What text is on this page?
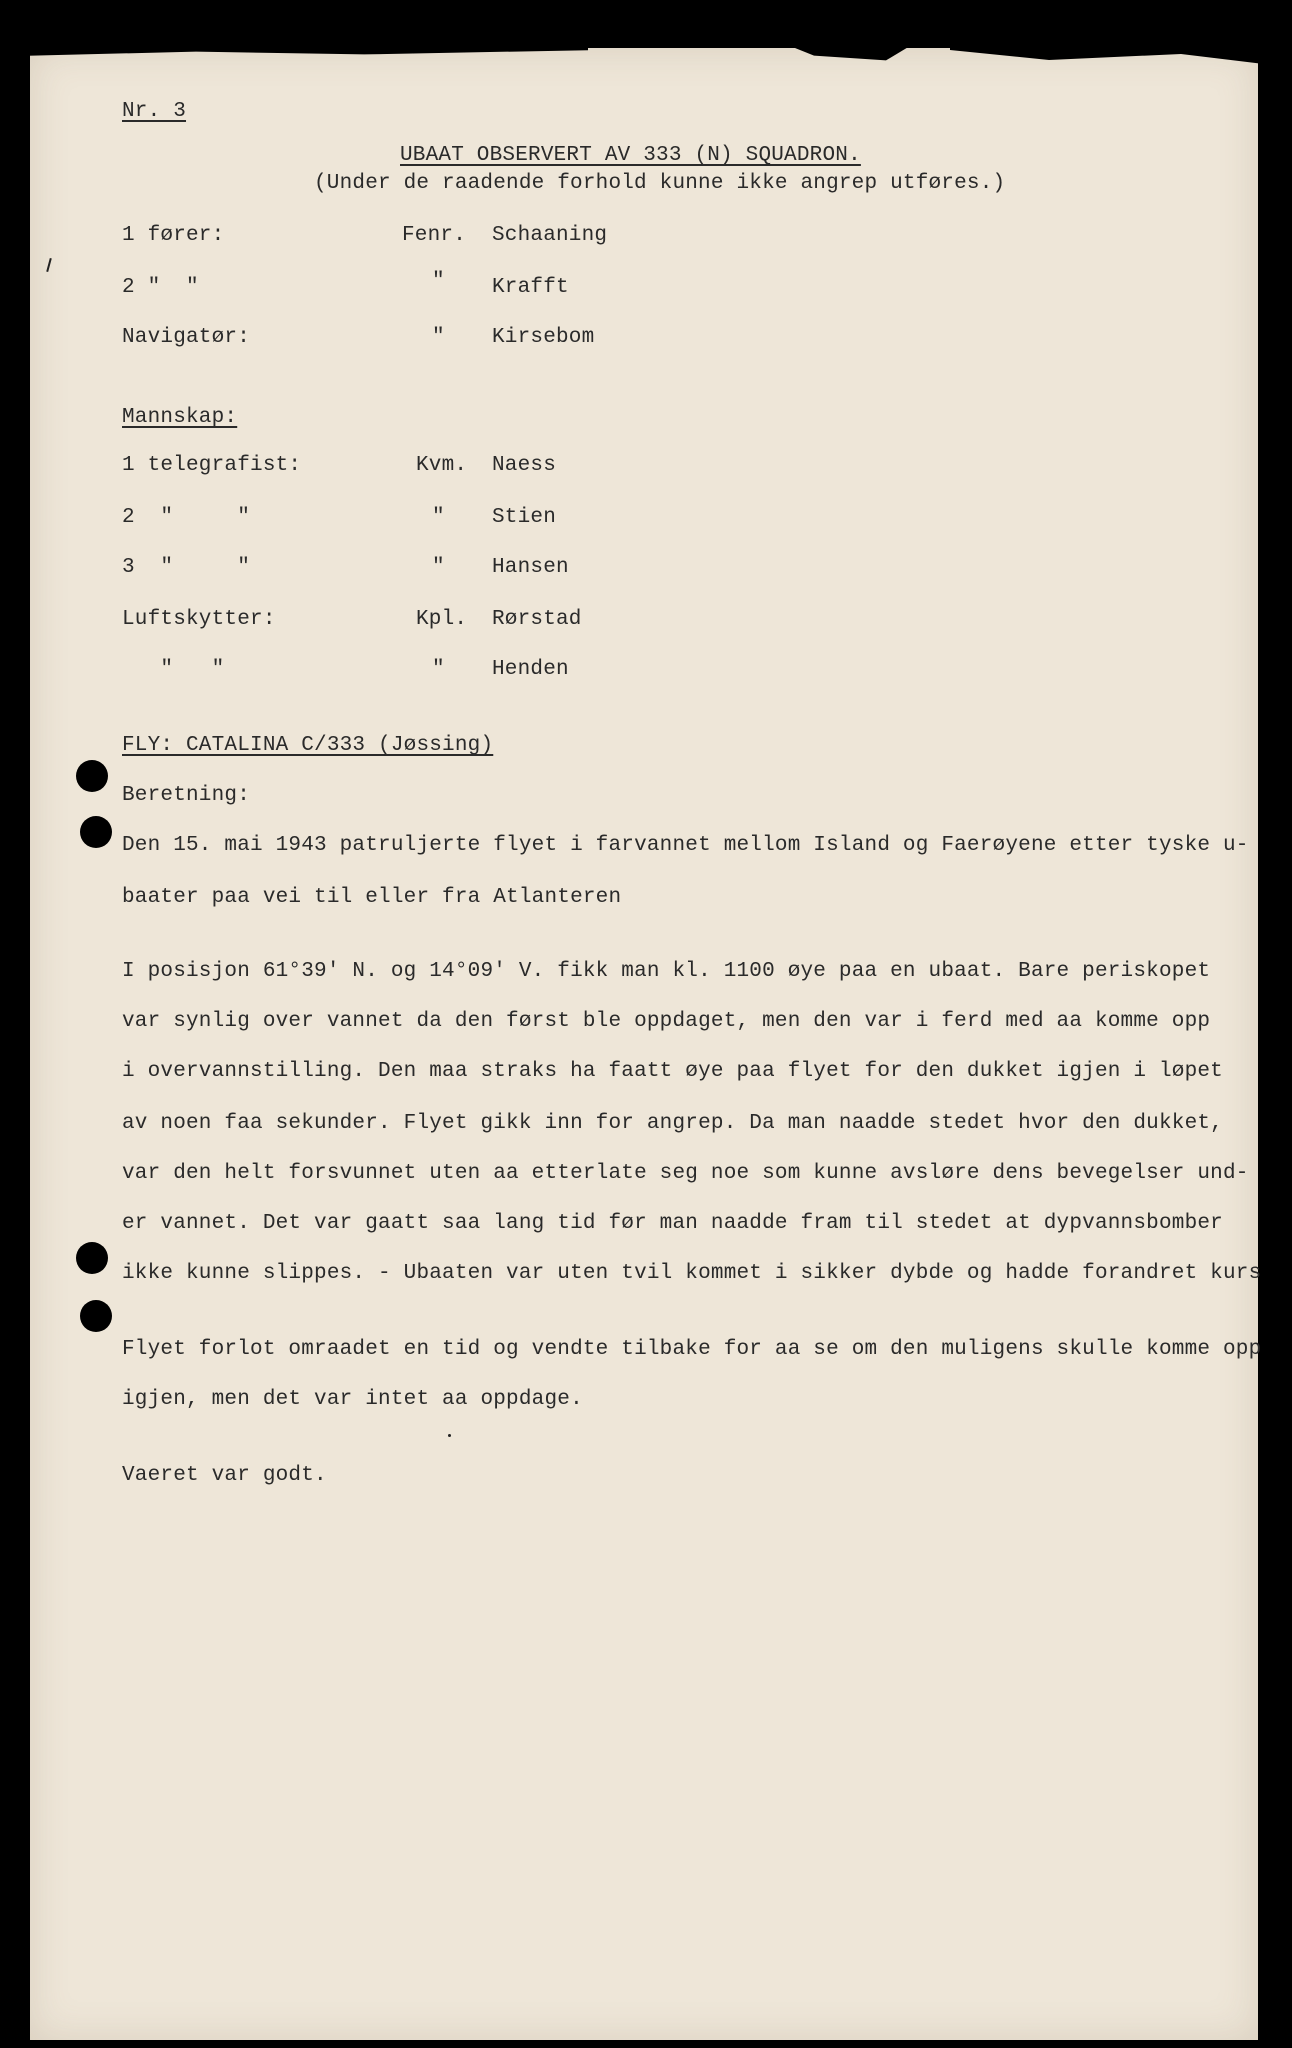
Nr. 3
UBAAT OBSERVERT AV 333 (N) SQUADRON.
(Under de raadende forhold kunne ikke angrep utføres.)
1 fører:	Fenr. Schaaning
2 "  "	" Krafft
Navigatør:	" Kirsebom
Mannskap:
1 telegrafist:	Kvm. Naess
2  "     "	" Stien
3  "     "	" Hansen
Luftskytter:	Kpl. Rørstad
"   "	" Henden
FLY: CATALINA C/333 (Jøssing)
Beretning:
Den 15. mai 1943 patruljerte flyet i farvannet mellom Island og Faerøyene etter tyske u-
baater paa vei til eller fra Atlanteren
I posisjon 61°39' N. og 14°09' V. fikk man kl. 1100 øye paa en ubaat. Bare periskopet
var synlig over vannet da den først ble oppdaget, men den var i ferd med aa komme opp
i overvannstilling. Den maa straks ha faatt øye paa flyet for den dukket igjen i løpet
av noen faa sekunder. Flyet gikk inn for angrep. Da man naadde stedet hvor den dukket,
var den helt forsvunnet uten aa etterlate seg noe som kunne avsløre dens bevegelser und-
er vannet. Det var gaatt saa lang tid før man naadde fram til stedet at dypvannsbomber
ikke kunne slippes. - Ubaaten var uten tvil kommet i sikker dybde og hadde forandret kurs
Flyet forlot omraadet en tid og vendte tilbake for aa se om den muligens skulle komme opp
igjen, men det var intet aa oppdage.
Vaeret var godt.
